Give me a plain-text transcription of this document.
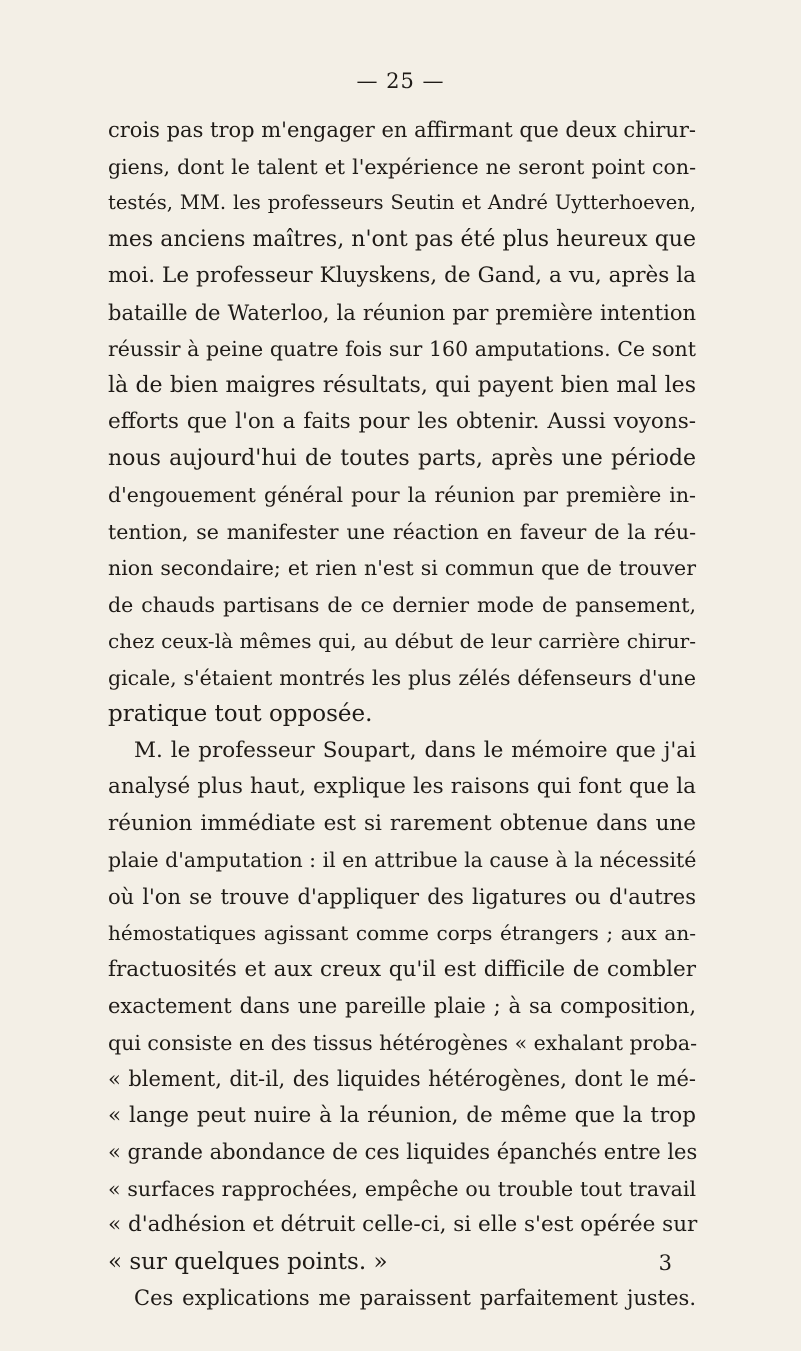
— 25 —
crois pas trop m'engager en affirmant que deux chirur-
giens, dont le talent et l'expérience ne seront point con-
testés, MM. les professeurs Seutin et André Uytterhoeven,
mes anciens maîtres, n'ont pas été plus heureux que
moi. Le professeur Kluyskens, de Gand, a vu, après la
bataille de Waterloo, la réunion par première intention
réussir à peine quatre fois sur 160 amputations. Ce sont
là de bien maigres résultats, qui payent bien mal les
efforts que l'on a faits pour les obtenir. Aussi voyons-
nous aujourd'hui de toutes parts, après une période
d'engouement général pour la réunion par première in-
tention, se manifester une réaction en faveur de la réu-
nion secondaire; et rien n'est si commun que de trouver
de chauds partisans de ce dernier mode de pansement,
chez ceux-là mêmes qui, au début de leur carrière chirur-
gicale, s'étaient montrés les plus zélés défenseurs d'une
pratique tout opposée.
M. le professeur Soupart, dans le mémoire que j'ai
analysé plus haut, explique les raisons qui font que la
réunion immédiate est si rarement obtenue dans une
plaie d'amputation : il en attribue la cause à la nécessité
où l'on se trouve d'appliquer des ligatures ou d'autres
hémostatiques agissant comme corps étrangers ; aux an-
fractuosités et aux creux qu'il est difficile de combler
exactement dans une pareille plaie ; à sa composition,
qui consiste en des tissus hétérogènes « exhalant proba-
« blement, dit-il, des liquides hétérogènes, dont le mé-
« lange peut nuire à la réunion, de même que la trop
« grande abondance de ces liquides épanchés entre les
« surfaces rapprochées, empêche ou trouble tout travail
« d'adhésion et détruit celle-ci, si elle s'est opérée sur
« sur quelques points. »
Ces explications me paraissent parfaitement justes.
3
